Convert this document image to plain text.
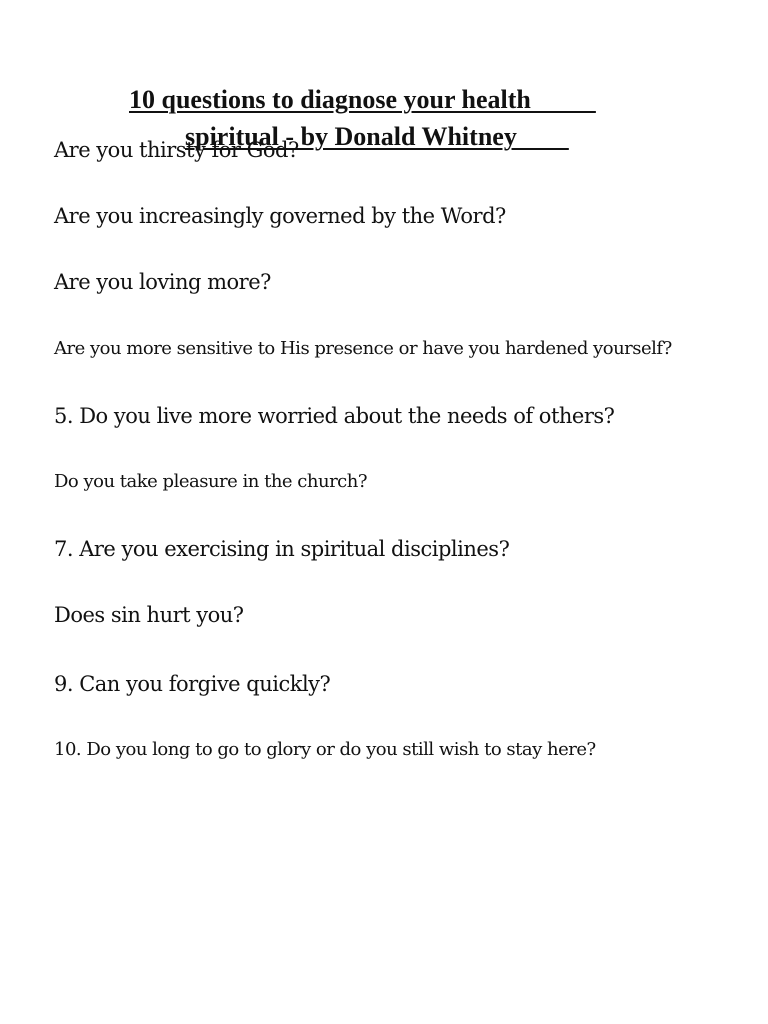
10 questions to diagnose your health

spiritual - by Donald Whitney

Are you thirsty for God?

Are you increasingly governed by the Word?

Are you loving more?

Are you more sensitive to His presence or have you hardened yourself?

5. Do you live more worried about the needs of others?

Do you take pleasure in the church?

7. Are you exercising in spiritual disciplines?

Does sin hurt you?

9. Can you forgive quickly?

10. Do you long to go to glory or do you still wish to stay here?
